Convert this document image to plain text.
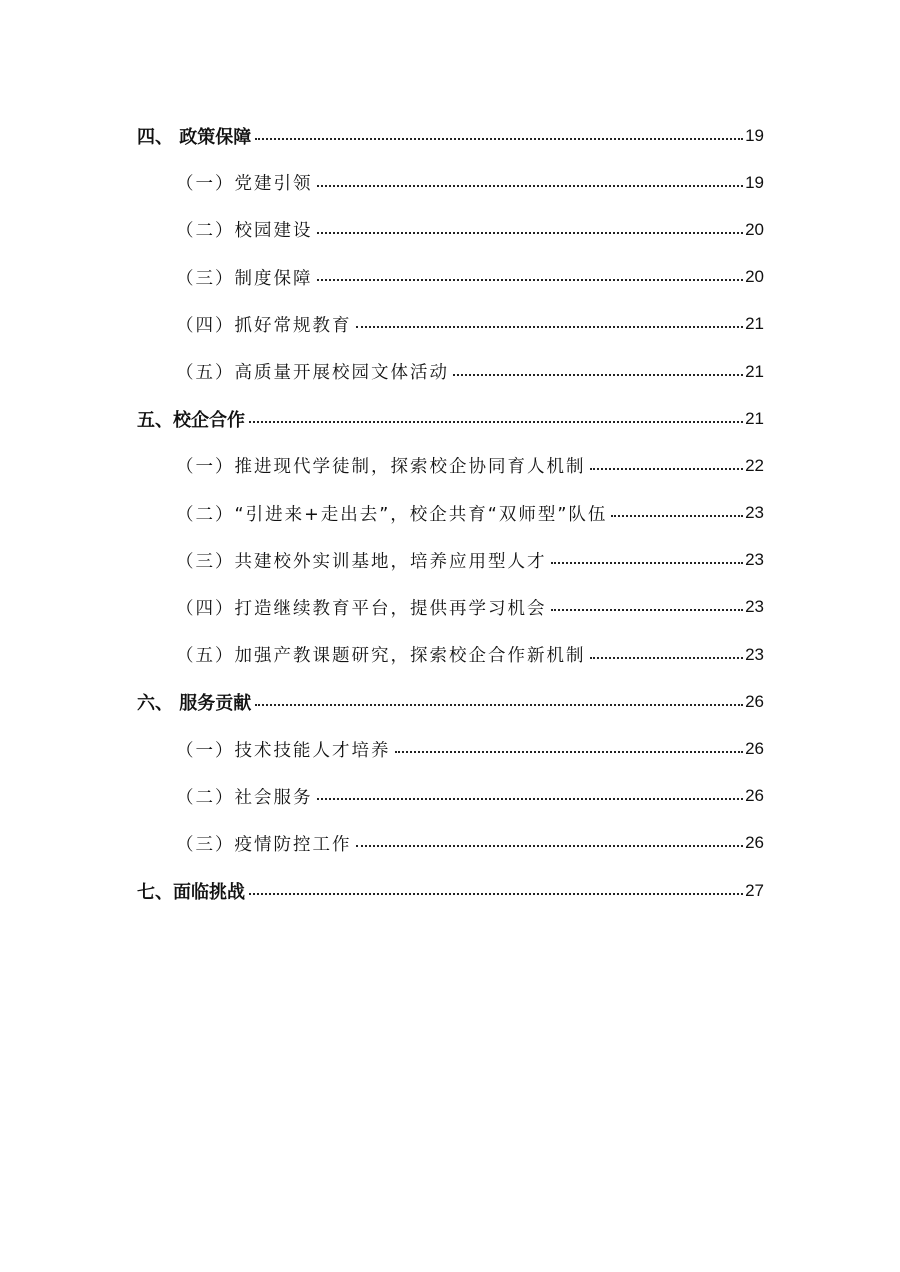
四、 政策保障	19
（一）党建引领	19
（二）校园建设	20
（三）制度保障	20
（四）抓好常规教育	21
（五）高质量开展校园文体活动	21
五、校企合作	21
（一）推进现代学徒制，探索校企协同育人机制	22
（二）“引进来+走出去”，校企共育“双师型”队伍	23
（三）共建校外实训基地，培养应用型人才	23
（四）打造继续教育平台，提供再学习机会	23
（五）加强产教课题研究，探索校企合作新机制	23
六、 服务贡献	26
（一）技术技能人才培养	26
（二）社会服务	26
（三）疫情防控工作	26
七、面临挑战	27
